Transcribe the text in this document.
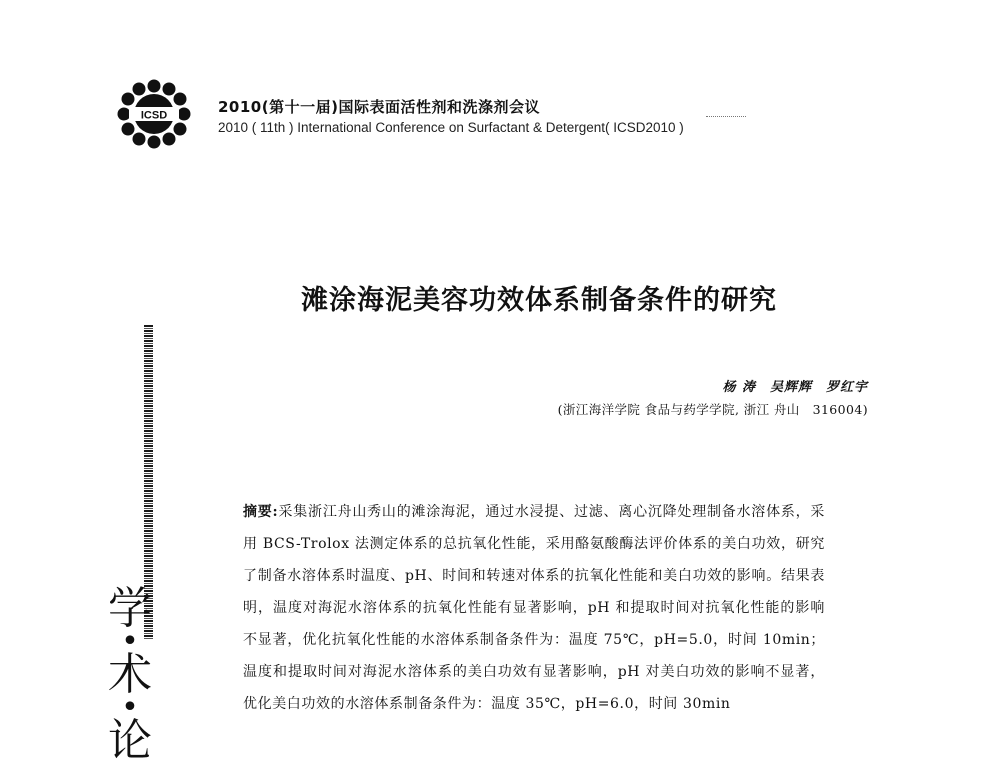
ICSD	2010(第十一届)国际表面活性剂和洗涤剂会议
2010 ( 11th ) International Conference on Surfactant & Detergent( ICSD2010 )
滩涂海泥美容功效体系制备条件的研究
杨 涛　吴辉辉　罗红宇
(浙江海洋学院 食品与药学学院, 浙江 舟山　316004)
摘要:采集浙江舟山秀山的滩涂海泥，通过水浸提、过滤、离心沉降处理制备水溶体系，采用 BCS-Trolox 法测定体系的总抗氧化性能，采用酪氨酸酶法评价体系的美白功效，研究了制备水溶体系时温度、pH、时间和转速对体系的抗氧化性能和美白功效的影响。结果表明，温度对海泥水溶体系的抗氧化性能有显著影响，pH 和提取时间对抗氧化性能的影响不显著，优化抗氧化性能的水溶体系制备条件为：温度 75℃，pH=5.0，时间 10min；温度和提取时间对海泥水溶体系的美白功效有显著影响，pH 对美白功效的影响不显著，优化美白功效的水溶体系制备条件为：温度 35℃，pH=6.0，时间 30min
学
•
术
•
论
